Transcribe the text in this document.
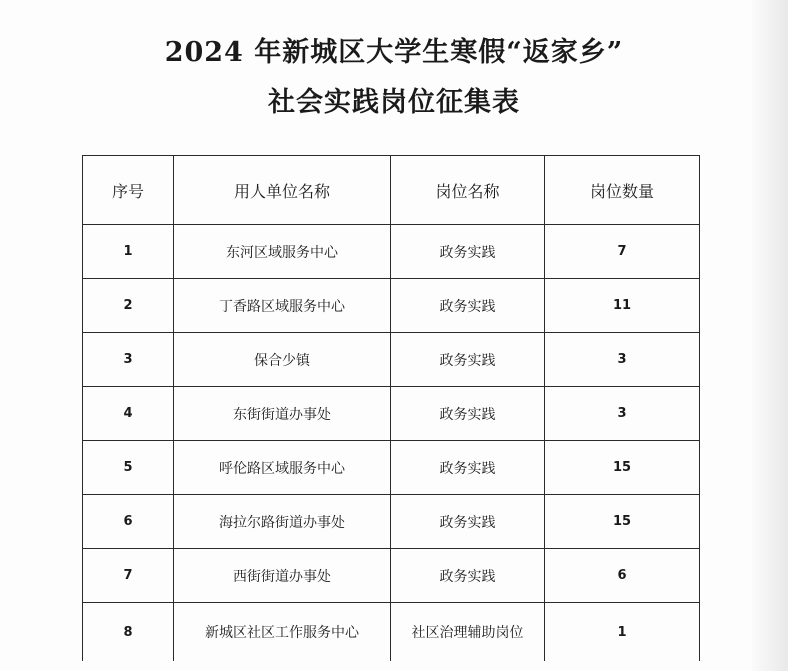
2024 年新城区大学生寒假“返家乡”
社会实践岗位征集表
序号	用人单位名称	岗位名称	岗位数量
1	东河区域服务中心	政务实践	7
2	丁香路区域服务中心	政务实践	11
3	保合少镇	政务实践	3
4	东街街道办事处	政务实践	3
5	呼伦路区域服务中心	政务实践	15
6	海拉尔路街道办事处	政务实践	15
7	西街街道办事处	政务实践	6
8	新城区社区工作服务中心	社区治理辅助岗位	1
